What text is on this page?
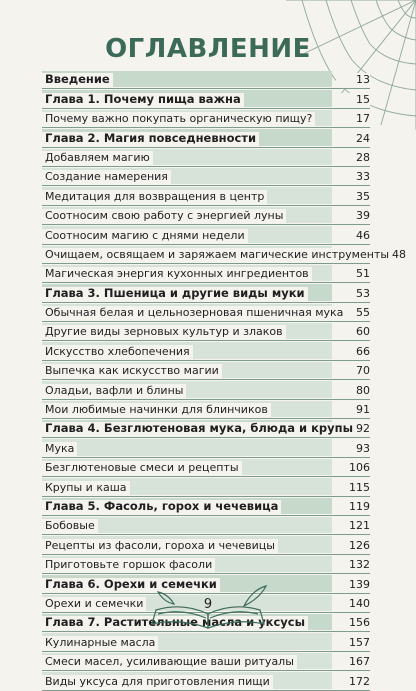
ОГЛАВЛЕНИЕ
Введение	13
Глава 1. Почему пища важна	15
Почему важно покупать органическую пищу?	17
Глава 2. Магия повседневности	24
Добавляем магию	28
Создание намерения	33
Медитация для возвращения в центр	35
Соотносим свою работу с энергией луны	39
Соотносим магию с днями недели	46
Очищаем, освящаем и заряжаем магические инструменты 48
Магическая энергия кухонных ингредиентов	51
Глава 3. Пшеница и другие виды муки	53
Обычная белая и цельнозерновая пшеничная мука	55
Другие виды зерновых культур и злаков	60
Искусство хлебопечения	66
Выпечка как искусство магии	70
Оладьи, вафли и блины	80
Мои любимые начинки для блинчиков	91
Глава 4. Безглютеновая мука, блюда и крупы 92
Мука	93
Безглютеновые смеси и рецепты	106
Крупы и каша	115
Глава 5. Фасоль, горох и чечевица	119
Бобовые	121
Рецепты из фасоли, гороха и чечевицы	126
Приготовьте горшок фасоли	132
Глава 6. Орехи и семечки	139
Орехи и семечки	140
Глава 7. Растительные масла и уксусы	156
Кулинарные масла	157
Смеси масел, усиливающие ваши ритуалы	167
Виды уксуса для приготовления пищи	172
9
